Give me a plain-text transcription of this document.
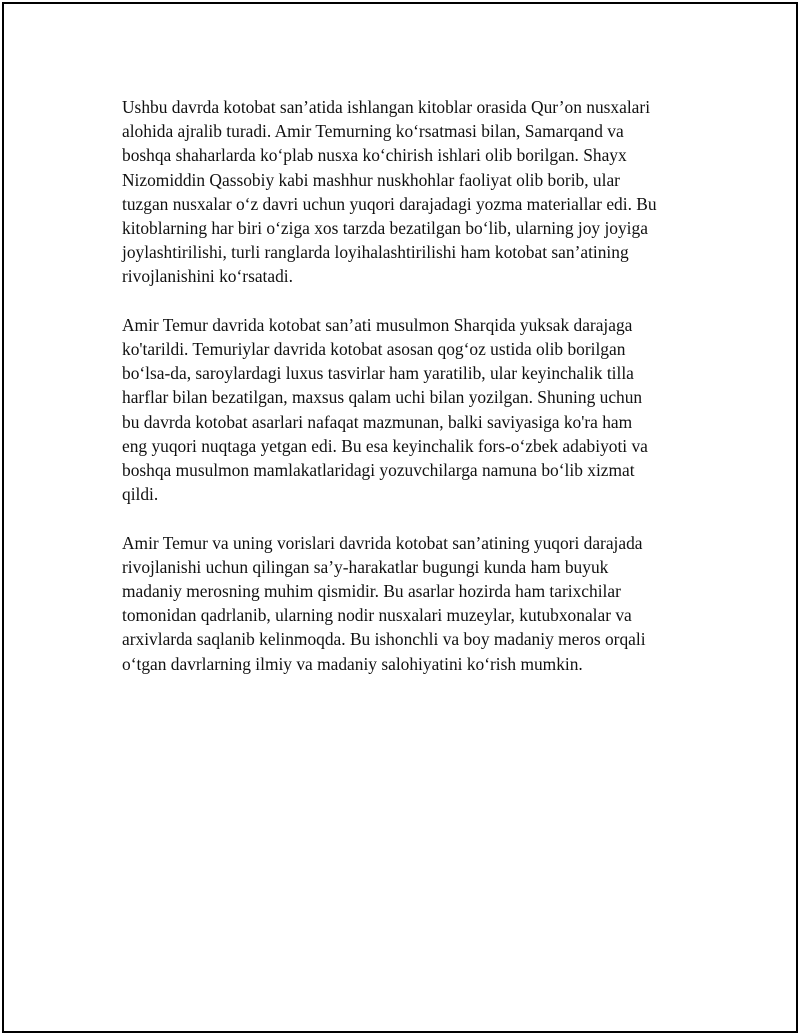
Ushbu davrda kotobat san’atida ishlangan kitoblar orasida Qur’on nusxalari
alohida ajralib turadi. Amir Temurning ko‘rsatmasi bilan, Samarqand va
boshqa shaharlarda ko‘plab nusxa ko‘chirish ishlari olib borilgan. Shayx
Nizomiddin Qassobiy kabi mashhur nuskhohlar faoliyat olib borib, ular
tuzgan nusxalar o‘z davri uchun yuqori darajadagi yozma materiallar edi. Bu
kitoblarning har biri o‘ziga xos tarzda bezatilgan bo‘lib, ularning joy joyiga
joylashtirilishi, turli ranglarda loyihalashtirilishi ham kotobat san’atining
rivojlanishini ko‘rsatadi.

Amir Temur davrida kotobat san’ati musulmon Sharqida yuksak darajaga
ko'tarildi. Temuriylar davrida kotobat asosan qog‘oz ustida olib borilgan
bo‘lsa-da, saroylardagi luxus tasvirlar ham yaratilib, ular keyinchalik tilla
harflar bilan bezatilgan, maxsus qalam uchi bilan yozilgan. Shuning uchun
bu davrda kotobat asarlari nafaqat mazmunan, balki saviyasiga ko'ra ham
eng yuqori nuqtaga yetgan edi. Bu esa keyinchalik fors-o‘zbek adabiyoti va
boshqa musulmon mamlakatlaridagi yozuvchilarga namuna bo‘lib xizmat
qildi.

Amir Temur va uning vorislari davrida kotobat san’atining yuqori darajada
rivojlanishi uchun qilingan sa’y-harakatlar bugungi kunda ham buyuk
madaniy merosning muhim qismidir. Bu asarlar hozirda ham tarixchilar
tomonidan qadrlanib, ularning nodir nusxalari muzeylar, kutubxonalar va
arxivlarda saqlanib kelinmoqda. Bu ishonchli va boy madaniy meros orqali
o‘tgan davrlarning ilmiy va madaniy salohiyatini ko‘rish mumkin.
